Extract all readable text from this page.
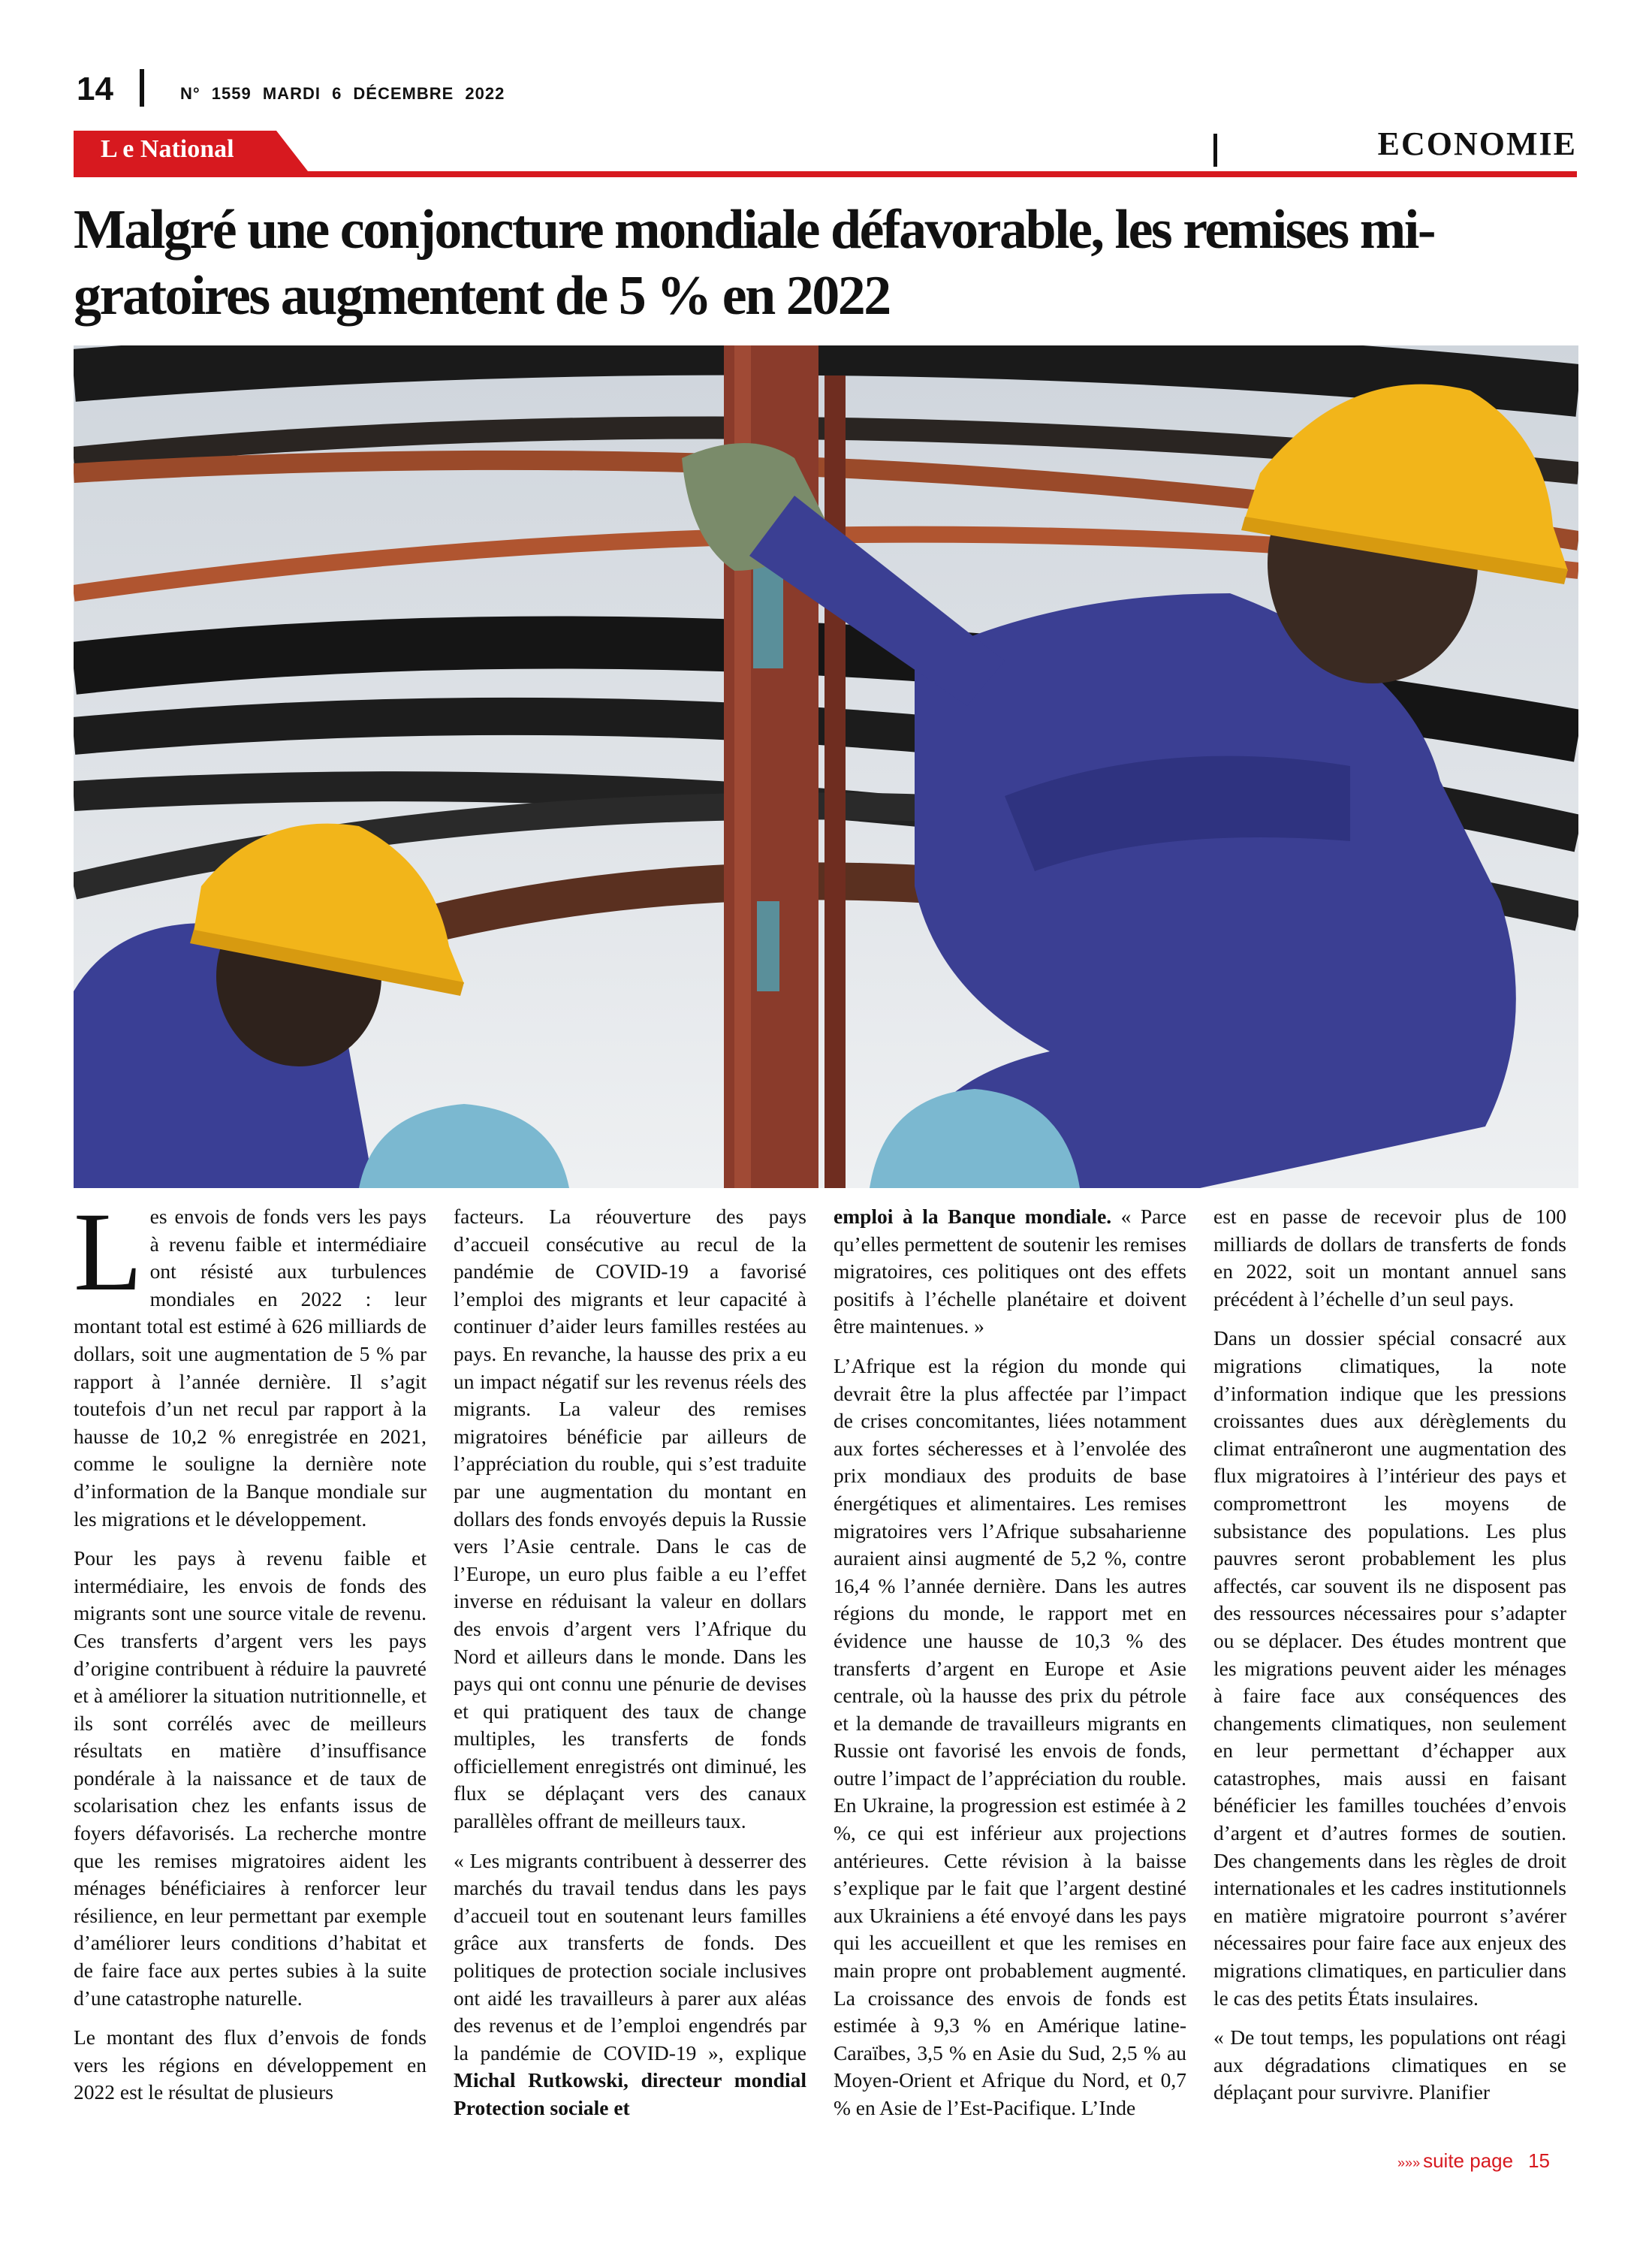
14	N° 1559 MARDI 6 DÉCEMBRE 2022
L e National	ECONOMIE
Malgré une conjoncture mondiale défavorable, les remises mi-
gratoires augmentent de 5 % en 2022

Les envois de fonds vers les pays à revenu faible et intermédiaire ont résisté aux turbulences mondiales en 2022 : leur montant total est estimé à 626 milliards de dollars, soit une augmentation de 5 % par rapport à l’année dernière. Il s’agit toutefois d’un net recul par rapport à la hausse de 10,2 % enregistrée en 2021, comme le souligne la dernière note d’information de la Banque mondiale sur les migrations et le développement.

Pour les pays à revenu faible et intermédiaire, les envois de fonds des migrants sont une source vitale de revenu. Ces transferts d’argent vers les pays d’origine contribuent à réduire la pauvreté et à améliorer la situation nutritionnelle, et ils sont corrélés avec de meilleurs résultats en matière d’insuffisance pondérale à la naissance et de taux de scolarisation chez les enfants issus de foyers défavorisés. La recherche montre que les remises migratoires aident les ménages bénéficiaires à renforcer leur résilience, en leur permettant par exemple d’améliorer leurs conditions d’habitat et de faire face aux pertes subies à la suite d’une catastrophe naturelle.

Le montant des flux d’envois de fonds vers les régions en développement en 2022 est le résultat de plusieurs

facteurs. La réouverture des pays d’accueil consécutive au recul de la pandémie de COVID-19 a favorisé l’emploi des migrants et leur capacité à continuer d’aider leurs familles restées au pays. En revanche, la hausse des prix a eu un impact négatif sur les revenus réels des migrants. La valeur des remises migratoires bénéficie par ailleurs de l’appréciation du rouble, qui s’est traduite par une augmentation du montant en dollars des fonds envoyés depuis la Russie vers l’Asie centrale. Dans le cas de l’Europe, un euro plus faible a eu l’effet inverse en réduisant la valeur en dollars des envois d’argent vers l’Afrique du Nord et ailleurs dans le monde. Dans les pays qui ont connu une pénurie de devises et qui pratiquent des taux de change multiples, les transferts de fonds officiellement enregistrés ont diminué, les flux se déplaçant vers des canaux parallèles offrant de meilleurs taux.

« Les migrants contribuent à desserrer des marchés du travail tendus dans les pays d’accueil tout en soutenant leurs familles grâce aux transferts de fonds. Des politiques de protection sociale inclusives ont aidé les travailleurs à parer aux aléas des revenus et de l’emploi engendrés par la pandémie de COVID-19 », explique Michal Rutkowski, directeur mondial Protection sociale et

emploi à la Banque mondiale. « Parce qu’elles permettent de soutenir les remises migratoires, ces politiques ont des effets positifs à l’échelle planétaire et doivent être maintenues. »

L’Afrique est la région du monde qui devrait être la plus affectée par l’impact de crises concomitantes, liées notamment aux fortes sécheresses et à l’envolée des prix mondiaux des produits de base énergétiques et alimentaires. Les remises migratoires vers l’Afrique subsaharienne auraient ainsi augmenté de 5,2 %, contre 16,4 % l’année dernière. Dans les autres régions du monde, le rapport met en évidence une hausse de 10,3 % des transferts d’argent en Europe et Asie centrale, où la hausse des prix du pétrole et la demande de travailleurs migrants en Russie ont favorisé les envois de fonds, outre l’impact de l’appréciation du rouble. En Ukraine, la progression est estimée à 2 %, ce qui est inférieur aux projections antérieures. Cette révision à la baisse s’explique par le fait que l’argent destiné aux Ukrainiens a été envoyé dans les pays qui les accueillent et que les remises en main propre ont probablement augmenté. La croissance des envois de fonds est estimée à 9,3 % en Amérique latine-Caraïbes, 3,5 % en Asie du Sud, 2,5 % au Moyen-Orient et Afrique du Nord, et 0,7 % en Asie de l’Est-Pacifique. L’Inde

est en passe de recevoir plus de 100 milliards de dollars de transferts de fonds en 2022, soit un montant annuel sans précédent à l’échelle d’un seul pays.

Dans un dossier spécial consacré aux migrations climatiques, la note d’information indique que les pressions croissantes dues aux dérèglements du climat entraîneront une augmentation des flux migratoires à l’intérieur des pays et compromettront les moyens de subsistance des populations. Les plus pauvres seront probablement les plus affectés, car souvent ils ne disposent pas des ressources nécessaires pour s’adapter ou se déplacer. Des études montrent que les migrations peuvent aider les ménages à faire face aux conséquences des changements climatiques, non seulement en leur permettant d’échapper aux catastrophes, mais aussi en faisant bénéficier les familles touchées d’envois d’argent et d’autres formes de soutien. Des changements dans les règles de droit internationales et les cadres institutionnels en matière migratoire pourront s’avérer nécessaires pour faire face aux enjeux des migrations climatiques, en particulier dans le cas des petits États insulaires.

« De tout temps, les populations ont réagi aux dégradations climatiques en se déplaçant pour survivre. Planifier

»»» suite page 15
